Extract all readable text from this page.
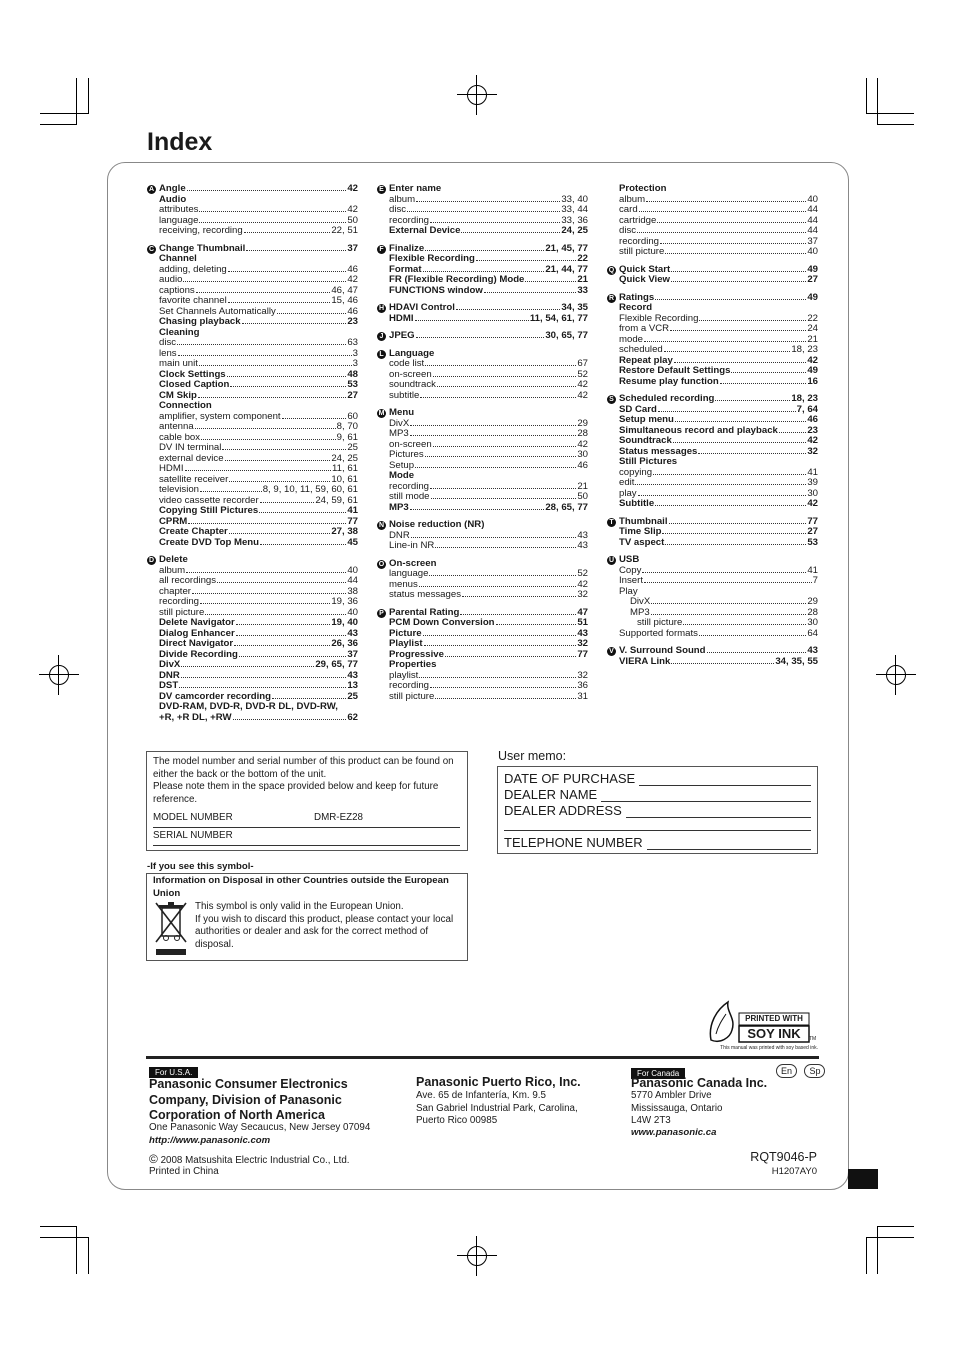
Index
A Angle	42
Audio
attributes	42
language	50
receiving, recording	22, 51
C Change Thumbnail	37
Channel
adding, deleting	46
audio	42
captions	46, 47
favorite channel	15, 46
Set Channels Automatically	46
Chasing playback	23
Cleaning
disc	63
lens	3
main unit	3
Clock Settings	48
Closed Caption	53
CM Skip	27
Connection
amplifier, system component	60
antenna	8, 70
cable box	9, 61
DV IN terminal	25
external device	24, 25
HDMI	11, 61
satellite receiver	10, 61
television	8, 9, 10, 11, 59, 60, 61
video cassette recorder	24, 59, 61
Copying Still Pictures	41
CPRM	77
Create Chapter	27, 38
Create DVD Top Menu	45
D Delete
album	40
all recordings	44
chapter	38
recording	19, 36
still picture	40
Delete Navigator	19, 40
Dialog Enhancer	43
Direct Navigator	26, 36
Divide Recording	37
DivX	29, 65, 77
DNR	43
DST	13
DV camcorder recording	25
DVD-RAM, DVD-R, DVD-R DL, DVD-RW,
+R, +R DL, +RW	62
E Enter name
album	33, 40
disc	33, 44
recording	33, 36
External Device	24, 25
F Finalize	21, 45, 77
Flexible Recording	22
Format	21, 44, 77
FR (Flexible Recording) Mode	21
FUNCTIONS window	33
H HDAVI Control	34, 35
HDMI	11, 54, 61, 77
J JPEG	30, 65, 77
L Language
code list	67
on-screen	52
soundtrack	42
subtitle	42
M Menu
DivX	29
MP3	28
on-screen	42
Pictures	30
Setup	46
Mode
recording	21
still mode	50
MP3	28, 65, 77
N Noise reduction (NR)
DNR	43
Line-in NR	43
O On-screen
language	52
menus	42
status messages	32
P Parental Rating	47
PCM Down Conversion	51
Picture	43
Playlist	32
Progressive	77
Properties
playlist	32
recording	36
still picture	31
Protection
album	40
card	44
cartridge	44
disc	44
recording	37
still picture	40
Q Quick Start	49
Quick View	27
R Ratings	49
Record
Flexible Recording	22
from a VCR	24
mode	21
scheduled	18, 23
Repeat play	42
Restore Default Settings	49
Resume play function	16
S Scheduled recording	18, 23
SD Card	7, 64
Setup menu	46
Simultaneous record and playback	23
Soundtrack	42
Status messages	32
Still Pictures
copying	41
edit	39
play	30
Subtitle	42
T Thumbnail	77
Time Slip	27
TV aspect	53
U USB
Copy	41
Insert	7
Play
DivX	29
MP3	28
still picture	30
Supported formats	64
V V. Surround Sound	43
VIERA Link	34, 35, 55
The model number and serial number of this product can be found on either the back or the bottom of the unit.
Please note them in the space provided below and keep for future reference.
MODEL NUMBER	DMR-EZ28
SERIAL NUMBER
-If you see this symbol-
Information on Disposal in other Countries outside the European Union
This symbol is only valid in the European Union.
If you wish to discard this product, please contact your local authorities or dealer and ask for the correct method of disposal.
User memo:
DATE OF PURCHASE
DEALER NAME
DEALER ADDRESS
TELEPHONE NUMBER
PRINTED WITH
SOY INK	TM
This manual was printed with soy based ink.
For U.S.A.
Panasonic Consumer Electronics
Company, Division of Panasonic
Corporation of North America
One Panasonic Way Secaucus, New Jersey 07094
http://www.panasonic.com
Panasonic Puerto Rico, Inc.
Ave. 65 de Infantería, Km. 9.5
San Gabriel Industrial Park, Carolina,
Puerto Rico 00985
For Canada	En Sp
Panasonic Canada Inc.
5770 Ambler Drive
Mississauga, Ontario
L4W 2T3
www.panasonic.ca
© 2008 Matsushita Electric Industrial Co., Ltd.
Printed in China
RQT9046-P
H1207AY0
